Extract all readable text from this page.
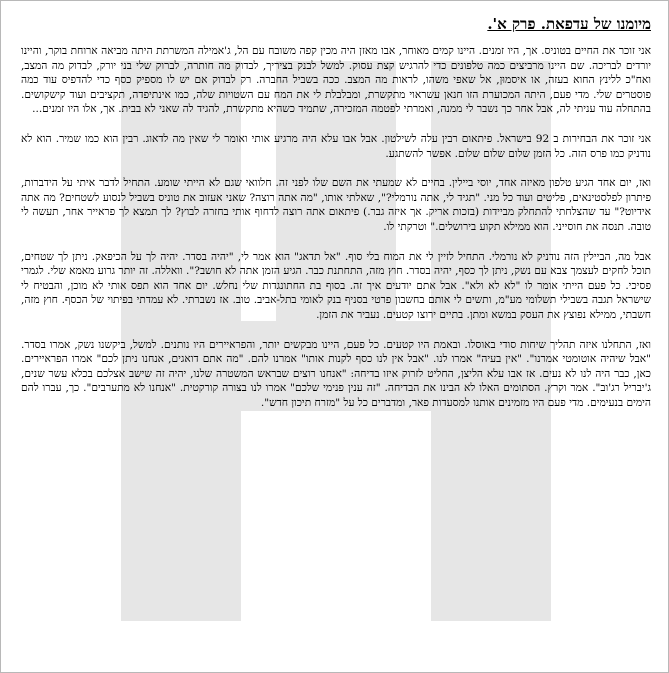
מיומנו של עדפאת. פרק א'.

אני זוכר את החיים בטוניס. אך, היו זמנים. היינו קמים מאוחר, אבו מאזן היה מכין קפה משובח עם הל, ג'אמילה המשרתת היתה מביאה ארוחת בוקר, והיינו יורדים לבריכה. שם היינו מרביצים כמה טלפונים כדי להרגיש קצת עסוק. למשל לבנק בציריך, לבדוק מה חותרה, לברוק שלי בני יורק, לבדוק מה המצב, ואח"כ ללינץ החוא בעזה, או איסמוּן, אל שאפי משהו, לראות מה המצב. ככה בשביל החברה. רק לבדוק אם יש לו מספיק כסף כדי להדפיס עוד כמה פוסטרים שלי. מדי פעם, היתה המכוערת הזו חנאן עשראוי מתקשרת, ומבלבלת לי את המח עם השטויות שלה, כמו אינתיפדה, תקציבים ועוד קישקושים. בהתחלה עוד עניתי לה, אבל אחר כך נשבר לי ממנה, ואמרתי לפטמה המזכירה, שתמיד כשהיא מתקשרת, להגיד לה שאני לא בבית. אך, אלו היו זמנים...

אני זוכר את הבחירות ב 92 בישראל. פיתאום רבין עלה לשילטון. אבל אבו עלא היה מרגיע אותי ואומר לי שאין מה לדאוג. רבין הוא כמו שמיר. הוא לא נודניק כמו פרס הזה. כל הזמן שלום שלום שלום. אפשר להשתגע.

ואז, יום אחד הגיע טלפון מאיזה אחד, יוסי ביילין. בחיים לא שמעתי את השם שלו לפני זה. חלוואי שגם לא הייתי שומע. התחיל לדבר איתי על הידברות, פיתרון לפלסטינאים, פליטים ועוד כל מני. "תגיד לי, אתה נורמלי?", שאלתי אותו, "מה אתה רוצה? שאני אעזוב את טוניס בשביל לנסוע לשטחים? מה אתה אידיוט?" עד שהצלחתי להתחלק מביידות (בזכות אריק. אך איזה גבר.) פיתאום אתה רוצה לדחוף אותי בחזרה לבוץ? לך תמצא לך פראייר אחר, תעשה לי טובה. תנסה את חוסייני. הוא ממילא תקוע בירושלים." וטרקתי לו.

אבל מה, הביילין הזה נודניק לא נורמלי. התחיל לזיין לי את המוח בלי סוף. "אל תדאג" הוא אמר לי, "יהיה בסדר. יהיה לך על הכיפאק. ניתן לך שטחים, תוכל לחקים לעצמך צבא עם נשק, ניתן לך כסף, יהיה בסדר. חוץ מזה, התחתנת כבר. הגיע הזמן אתה לא חושב?". וואללה. זה יותר גרוע מאמא שלי. לגמרי פסיכי. כל פעם הייתי אומר לו "לא לא ולא". אבל אתם יודעים איך זה. בסוף בת החתונגדות שלי נחלש. יום אחד הוא תפס אותי לא מוכן, והבטיח לי שישראל תגבה בשבילי תשלומי מע"מ, ותשים לי אותם בחשבון פרטי בסניף בנק לאומי בתל-אביב. טוב. אז נשברתי. לא עמדתי בפיתוי של הכסף. חוץ מזה, חשבתי, ממילא נפוצץ את העסק במשא ומתן. בתיים ירוצו קטעים. נעביר את הזמן.

ואז, התחלנו איזה תהליך שיחות סודי באוסלו. ובאמת היו קטעים. כל פעם, היינו מבקשים יותר, והפראיירים היו נותנים. למשל, ביקשנו נשק, אמרו בסדר. "אבל שיהיה אוטומטי אמרנו". "אין בעיה" אמרו לנו. "אבל אין לנו כסף לקנות אותו" אמרנו להם. "מה אתם דואגים, אנחנו ניתן לכם" אמרו הפראיירים. כאן, כבר היה לנו לא נעים. אז אבו עלא הליצן, החליט לזרוק איזו בדיחה: "אנחנו רוצים שבראש המשטרה שלנו, יהיה זה שישב אצלכם בכלא עשר שנים, ג'יבריל רג'וב". אמר וקרץ. הסתומים האלו לא הבינו את הבדיחה. "זה ענין פנימי שלכם" אמרו לנו בצורה קורקטית. "אנחנו לא מתערבים". כך, עברו להם הימים בנעימים. מדי פעם היו מזמינים אותנו למסעדות פאר, ומדברים כל על "מזרח תיכון חדש".
